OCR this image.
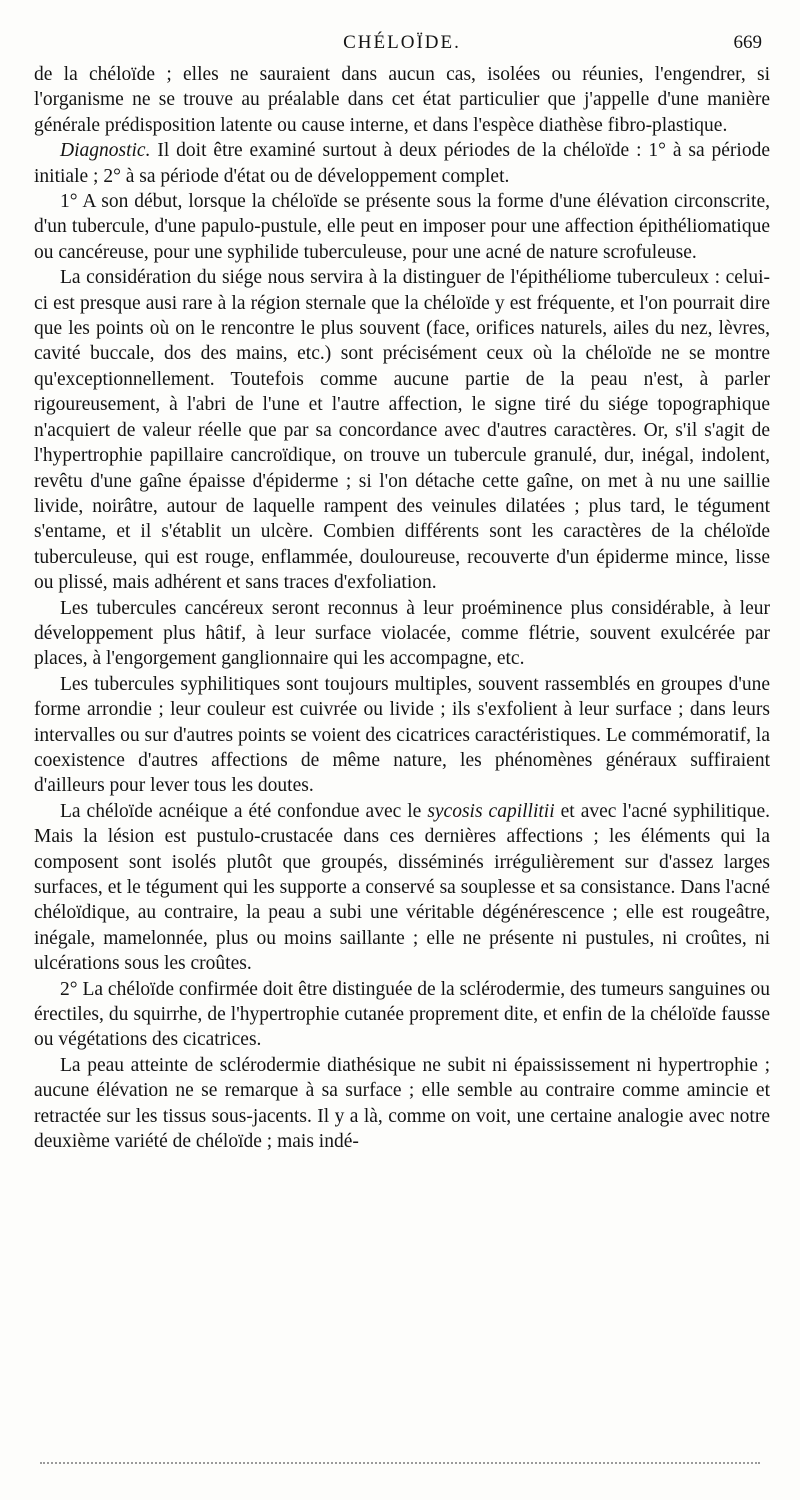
CHÉLOÏDE.	669

de la chéloïde ; elles ne sauraient dans aucun cas, isolées ou réunies, l'engendrer, si l'organisme ne se trouve au préalable dans cet état particulier que j'appelle d'une manière générale prédisposition latente ou cause interne, et dans l'espèce diathèse fibro-plastique.

Diagnostic. Il doit être examiné surtout à deux périodes de la chéloïde : 1° à sa période initiale ; 2° à sa période d'état ou de développement complet.

1° A son début, lorsque la chéloïde se présente sous la forme d'une élévation circonscrite, d'un tubercule, d'une papulo-pustule, elle peut en imposer pour une affection épithéliomatique ou cancéreuse, pour une syphilide tuberculeuse, pour une acné de nature scrofuleuse.

La considération du siége nous servira à la distinguer de l'épithéliome tuberculeux : celui-ci est presque ausi rare à la région sternale que la chéloïde y est fréquente, et l'on pourrait dire que les points où on le rencontre le plus souvent (face, orifices naturels, ailes du nez, lèvres, cavité buccale, dos des mains, etc.) sont précisément ceux où la chéloïde ne se montre qu'exceptionnellement. Toutefois comme aucune partie de la peau n'est, à parler rigoureusement, à l'abri de l'une et l'autre affection, le signe tiré du siége topographique n'acquiert de valeur réelle que par sa concordance avec d'autres caractères. Or, s'il s'agit de l'hypertrophie papillaire cancroïdique, on trouve un tubercule granulé, dur, inégal, indolent, revêtu d'une gaîne épaisse d'épiderme ; si l'on détache cette gaîne, on met à nu une saillie livide, noirâtre, autour de laquelle rampent des veinules dilatées ; plus tard, le tégument s'entame, et il s'établit un ulcère. Combien différents sont les caractères de la chéloïde tuberculeuse, qui est rouge, enflammée, douloureuse, recouverte d'un épiderme mince, lisse ou plissé, mais adhérent et sans traces d'exfoliation.

Les tubercules cancéreux seront reconnus à leur proéminence plus considérable, à leur développement plus hâtif, à leur surface violacée, comme flétrie, souvent exulcérée par places, à l'engorgement ganglionnaire qui les accompagne, etc.

Les tubercules syphilitiques sont toujours multiples, souvent rassemblés en groupes d'une forme arrondie ; leur couleur est cuivrée ou livide ; ils s'exfolient à leur surface ; dans leurs intervalles ou sur d'autres points se voient des cicatrices caractéristiques. Le commémoratif, la coexistence d'autres affections de même nature, les phénomènes généraux suffiraient d'ailleurs pour lever tous les doutes.

La chéloïde acnéique a été confondue avec le sycosis capillitii et avec l'acné syphilitique. Mais la lésion est pustulo-crustacée dans ces dernières affections ; les éléments qui la composent sont isolés plutôt que groupés, disséminés irrégulièrement sur d'assez larges surfaces, et le tégument qui les supporte a conservé sa souplesse et sa consistance. Dans l'acné chéloïdique, au contraire, la peau a subi une véritable dégénérescence ; elle est rougeâtre, inégale, mamelonnée, plus ou moins saillante ; elle ne présente ni pustules, ni croûtes, ni ulcérations sous les croûtes.

2° La chéloïde confirmée doit être distinguée de la sclérodermie, des tumeurs sanguines ou érectiles, du squirrhe, de l'hypertrophie cutanée proprement dite, et enfin de la chéloïde fausse ou végétations des cicatrices.

La peau atteinte de sclérodermie diathésique ne subit ni épaississement ni hypertrophie ; aucune élévation ne se remarque à sa surface ; elle semble au contraire comme amincie et retractée sur les tissus sous-jacents. Il y a là, comme on voit, une certaine analogie avec notre deuxième variété de chéloïde ; mais indé-
